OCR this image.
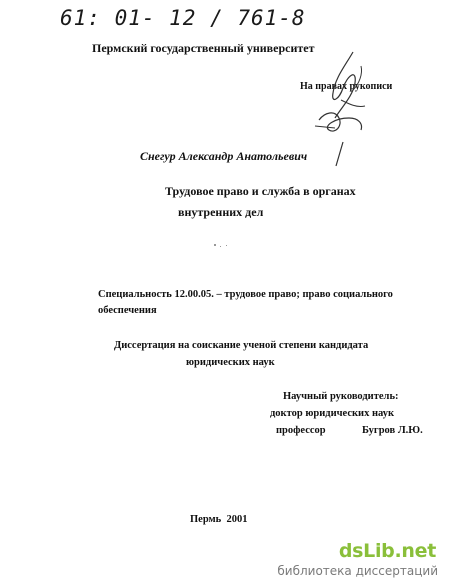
61: 01- 12 / 761-8
Пермский государственный университет
На правах рукописи
Снегур Александр Анатольевич
Трудовое право и служба в органах
внутренних дел
Специальность 12.00.05. – трудовое право; право социального
обеспечения
Диссертация на соискание ученой степени кандидата
юридических наук
Научный руководитель:
доктор юридических наук
профессор	Бугров Л.Ю.
Пермь  2001
dsLib.net
библиотека диссертаций
